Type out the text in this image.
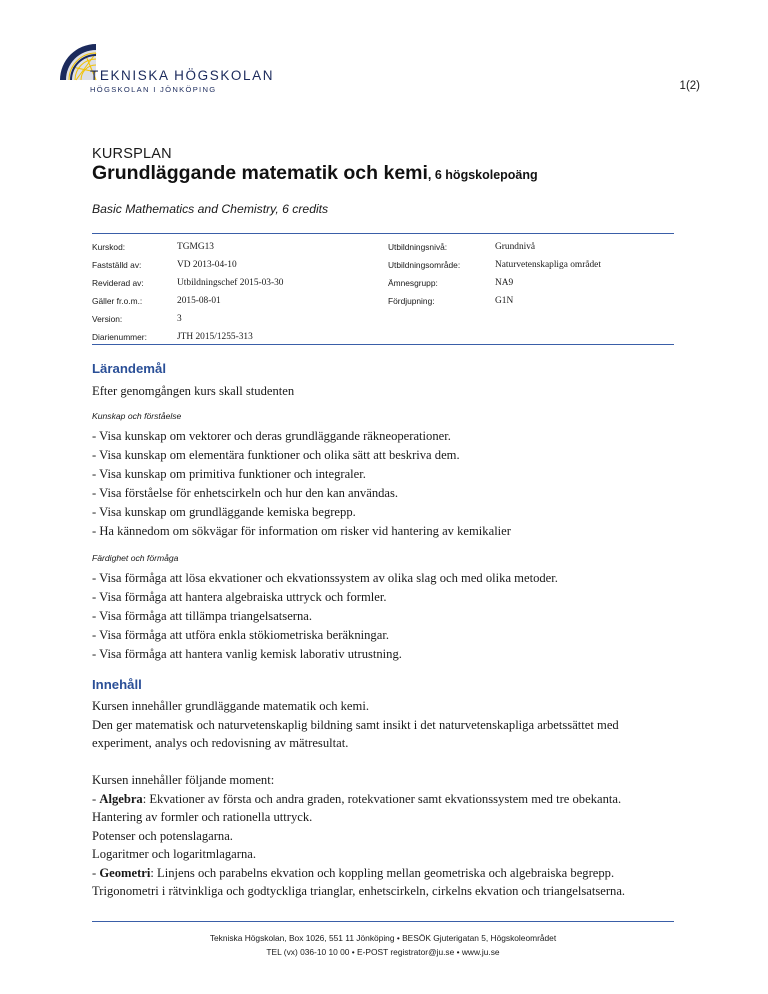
TEKNISKA HÖGSKOLAN
HÖGSKOLAN I JÖNKÖPING	1(2)
KURSPLAN
Grundläggande matematik och kemi, 6 högskolepoäng
Basic Mathematics and Chemistry, 6 credits
Kurskod:	TGMG13	Utbildningsnivå:	Grundnivå
Fastställd av:	VD 2013-04-10	Utbildningsområde:	Naturvetenskapliga området
Reviderad av:	Utbildningschef 2015-03-30	Ämnesgrupp:	NA9
Gäller fr.o.m.:	2015-08-01	Fördjupning:	G1N
Version:	3
Diarienummer:	JTH 2015/1255-313
Lärandemål
Efter genomgången kurs skall studenten
Kunskap och förståelse
- Visa kunskap om vektorer och deras grundläggande räkneoperationer.
- Visa kunskap om elementära funktioner och olika sätt att beskriva dem.
- Visa kunskap om primitiva funktioner och integraler.
- Visa förståelse för enhetscirkeln och hur den kan användas.
- Visa kunskap om grundläggande kemiska begrepp.
- Ha kännedom om sökvägar för information om risker vid hantering av kemikalier
Färdighet och förmåga
- Visa förmåga att lösa ekvationer och ekvationssystem av olika slag och med olika metoder.
- Visa förmåga att hantera algebraiska uttryck och formler.
- Visa förmåga att tillämpa triangelsatserna.
- Visa förmåga att utföra enkla stökiometriska beräkningar.
- Visa förmåga att hantera vanlig kemisk laborativ utrustning.
Innehåll
Kursen innehåller grundläggande matematik och kemi.
Den ger matematisk och naturvetenskaplig bildning samt insikt i det naturvetenskapliga arbetssättet med
experiment, analys och redovisning av mätresultat.
Kursen innehåller följande moment:
- Algebra: Ekvationer av första och andra graden, rotekvationer samt ekvationssystem med tre obekanta.
Hantering av formler och rationella uttryck.
Potenser och potenslagarna.
Logaritmer och logaritmlagarna.
- Geometri: Linjens och parabelns ekvation och koppling mellan geometriska och algebraiska begrepp.
Trigonometri i rätvinkliga och godtyckliga trianglar, enhetscirkeln, cirkelns ekvation och triangelsatserna.
Tekniska Högskolan, Box 1026, 551 11 Jönköping • BESÖK Gjuterigatan 5, Högskoleområdet
TEL (vx) 036-10 10 00 • E-POST registrator@ju.se • www.ju.se
